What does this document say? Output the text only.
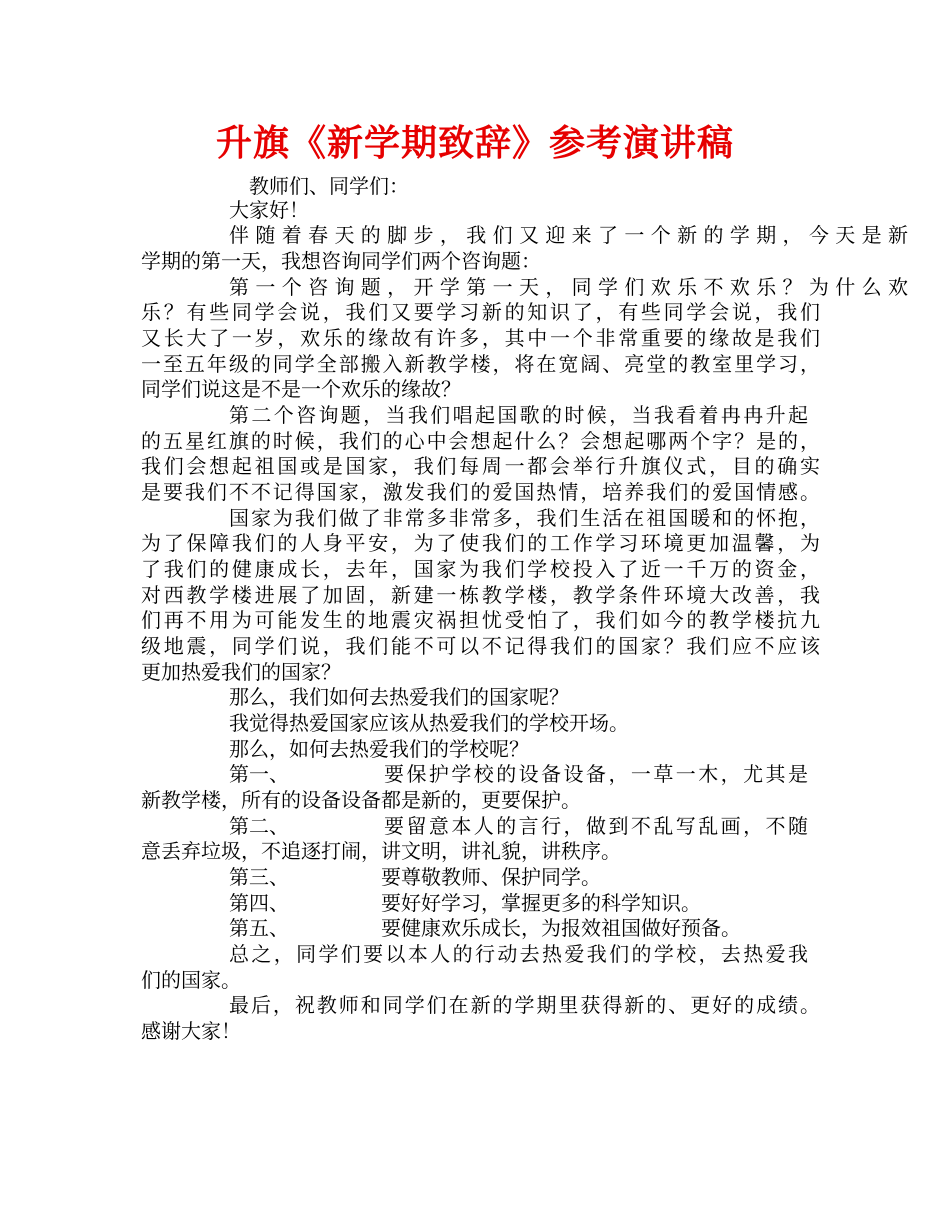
升旗《新学期致辞》参考演讲稿
教师们、同学们：
大家好！
伴随着春天的脚步，我们又迎来了一个新的学期，今天是新
学期的第一天，我想咨询同学们两个咨询题：
第一个咨询题，开学第一天，同学们欢乐不欢乐？为什么欢
乐？有些同学会说，我们又要学习新的知识了，有些同学会说，我们
又长大了一岁，欢乐的缘故有许多，其中一个非常重要的缘故是我们
一至五年级的同学全部搬入新教学楼，将在宽阔、亮堂的教室里学习，
同学们说这是不是一个欢乐的缘故？
第二个咨询题，当我们唱起国歌的时候，当我看着冉冉升起
的五星红旗的时候，我们的心中会想起什么？会想起哪两个字？是的，
我们会想起祖国或是国家，我们每周一都会举行升旗仪式，目的确实
是要我们不不记得国家，激发我们的爱国热情，培养我们的爱国情感。
国家为我们做了非常多非常多，我们生活在祖国暖和的怀抱，
为了保障我们的人身平安，为了使我们的工作学习环境更加温馨，为
了我们的健康成长，去年，国家为我们学校投入了近一千万的资金，
对西教学楼进展了加固，新建一栋教学楼，教学条件环境大改善，我
们再不用为可能发生的地震灾祸担忧受怕了，我们如今的教学楼抗九
级地震，同学们说，我们能不可以不记得我们的国家？我们应不应该
更加热爱我们的国家？
那么，我们如何去热爱我们的国家呢？
我觉得热爱国家应该从热爱我们的学校开场。
那么，如何去热爱我们的学校呢？
第一、	要保护学校的设备设备，一草一木，尤其是
新教学楼，所有的设备设备都是新的，更要保护。
第二、	要留意本人的言行，做到不乱写乱画，不随
意丢弃垃圾，不追逐打闹，讲文明，讲礼貌，讲秩序。
第三、	要尊敬教师、保护同学。
第四、	要好好学习，掌握更多的科学知识。
第五、	要健康欢乐成长，为报效祖国做好预备。
总之，同学们要以本人的行动去热爱我们的学校，去热爱我
们的国家。
最后，祝教师和同学们在新的学期里获得新的、更好的成绩。
感谢大家！
